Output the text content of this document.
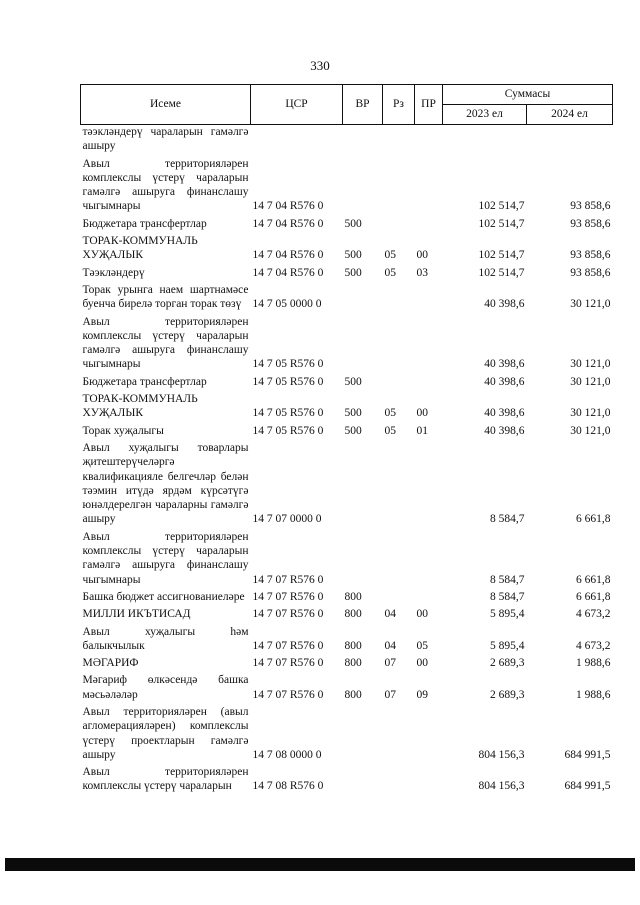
330
Исеме	ЦСР	ВР	Рз	ПР	Суммасы	
					2023 ел	2024 ел
тәэкләндерү чараларын гамәлгә ашыру						

Авыл территорияләрен комплекслы үстерү чараларын гамәлгә ашыруга финанслашу чыгымнары	14 7 04 R576 0				102 514,7	93 858,6

Бюджетара трансфертлар	14 7 04 R576 0	500			102 514,7	93 858,6

ТОРАК-КОММУНАЛЬ ХУҖАЛЫК	14 7 04 R576 0	500	05	00	102 514,7	93 858,6

Тәэкләндерү	14 7 04 R576 0	500	05	03	102 514,7	93 858,6

Торак урынга наем шартнамәсе буенча бирелә торган торак төзү	14 7 05 0000 0				40 398,6	30 121,0

Авыл территорияләрен комплекслы үстерү чараларын гамәлгә ашыруга финанслашу чыгымнары	14 7 05 R576 0				40 398,6	30 121,0

Бюджетара трансфертлар	14 7 05 R576 0	500			40 398,6	30 121,0

ТОРАК-КОММУНАЛЬ ХУҖАЛЫК	14 7 05 R576 0	500	05	00	40 398,6	30 121,0

Торак хуҗалыгы	14 7 05 R576 0	500	05	01	40 398,6	30 121,0

Авыл хуҗалыгы товарлары җитештерүчеләргә квалификацияле белгечләр белән тәэмин итүдә ярдәм күрсәтүгә юнәлдерелгән чараларны гамәлгә ашыру	14 7 07 0000 0				8 584,7	6 661,8

Авыл территорияләрен комплекслы үстерү чараларын гамәлгә ашыруга финанслашу чыгымнары	14 7 07 R576 0				8 584,7	6 661,8

Башка бюджет ассигнованиеләре	14 7 07 R576 0	800			8 584,7	6 661,8

МИЛЛИ ИКЪТИСАД	14 7 07 R576 0	800	04	00	5 895,4	4 673,2

Авыл хуҗалыгы һәм балыкчылык	14 7 07 R576 0	800	04	05	5 895,4	4 673,2

МӘГАРИФ	14 7 07 R576 0	800	07	00	2 689,3	1 988,6

Мәгариф өлкәсендә башка мәсьәләләр	14 7 07 R576 0	800	07	09	2 689,3	1 988,6

Авыл территорияләрен (авыл агломерацияләрен) комплекслы үстерү проектларын гамәлгә ашыру	14 7 08 0000 0				804 156,3	684 991,5

Авыл территорияләрен комплекслы үстерү чараларын	14 7 08 R576 0				804 156,3	684 991,5
